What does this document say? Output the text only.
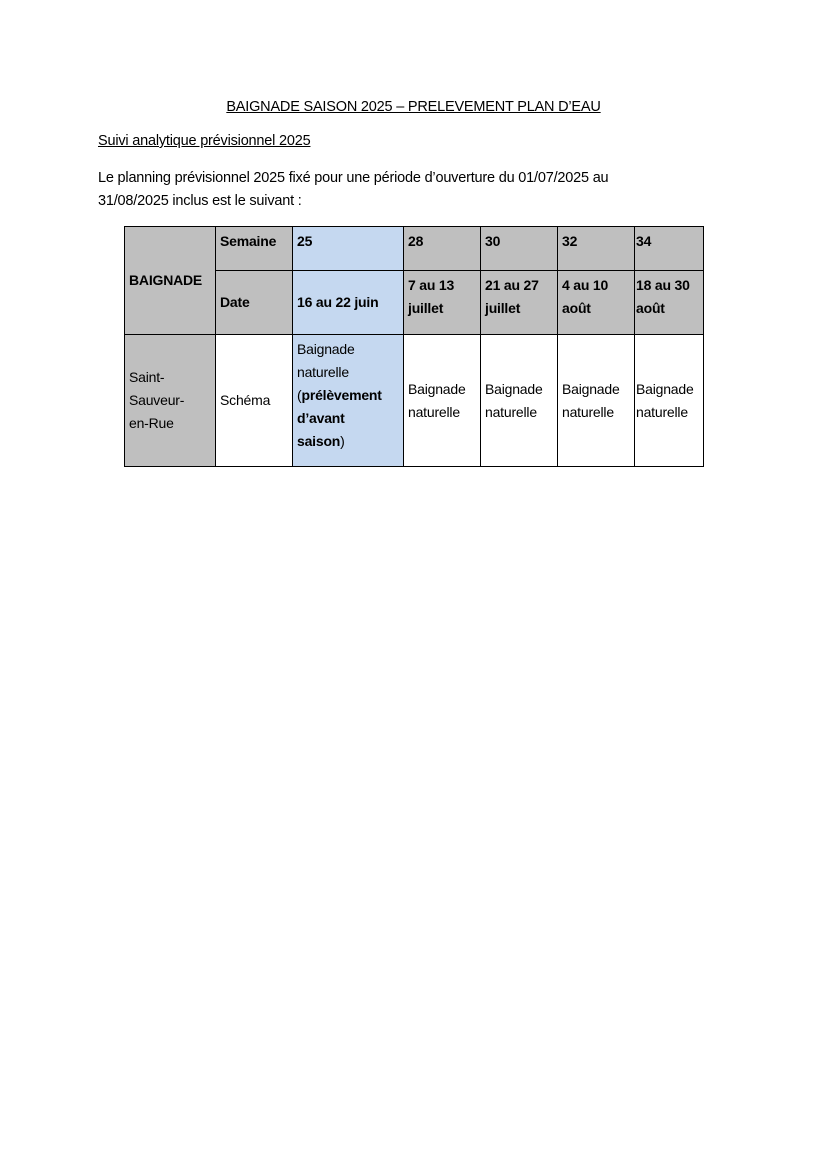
BAIGNADE SAISON 2025 – PRELEVEMENT PLAN D’EAU
Suivi analytique prévisionnel 2025
Le planning prévisionnel 2025 fixé pour une période d’ouverture du 01/07/2025 au
31/08/2025 inclus est le suivant :
BAIGNADE	Semaine	25	28	30	32	34
	Date	16 au 22 juin	7 au 13
juillet	21 au 27
juillet	4 au 10
août	18 au 30
août
Saint-
Sauveur-
en-Rue	Schéma	Baignade
naturelle
(prélèvement
d’avant
saison)	Baignade
naturelle	Baignade
naturelle	Baignade
naturelle	Baignade
naturelle
